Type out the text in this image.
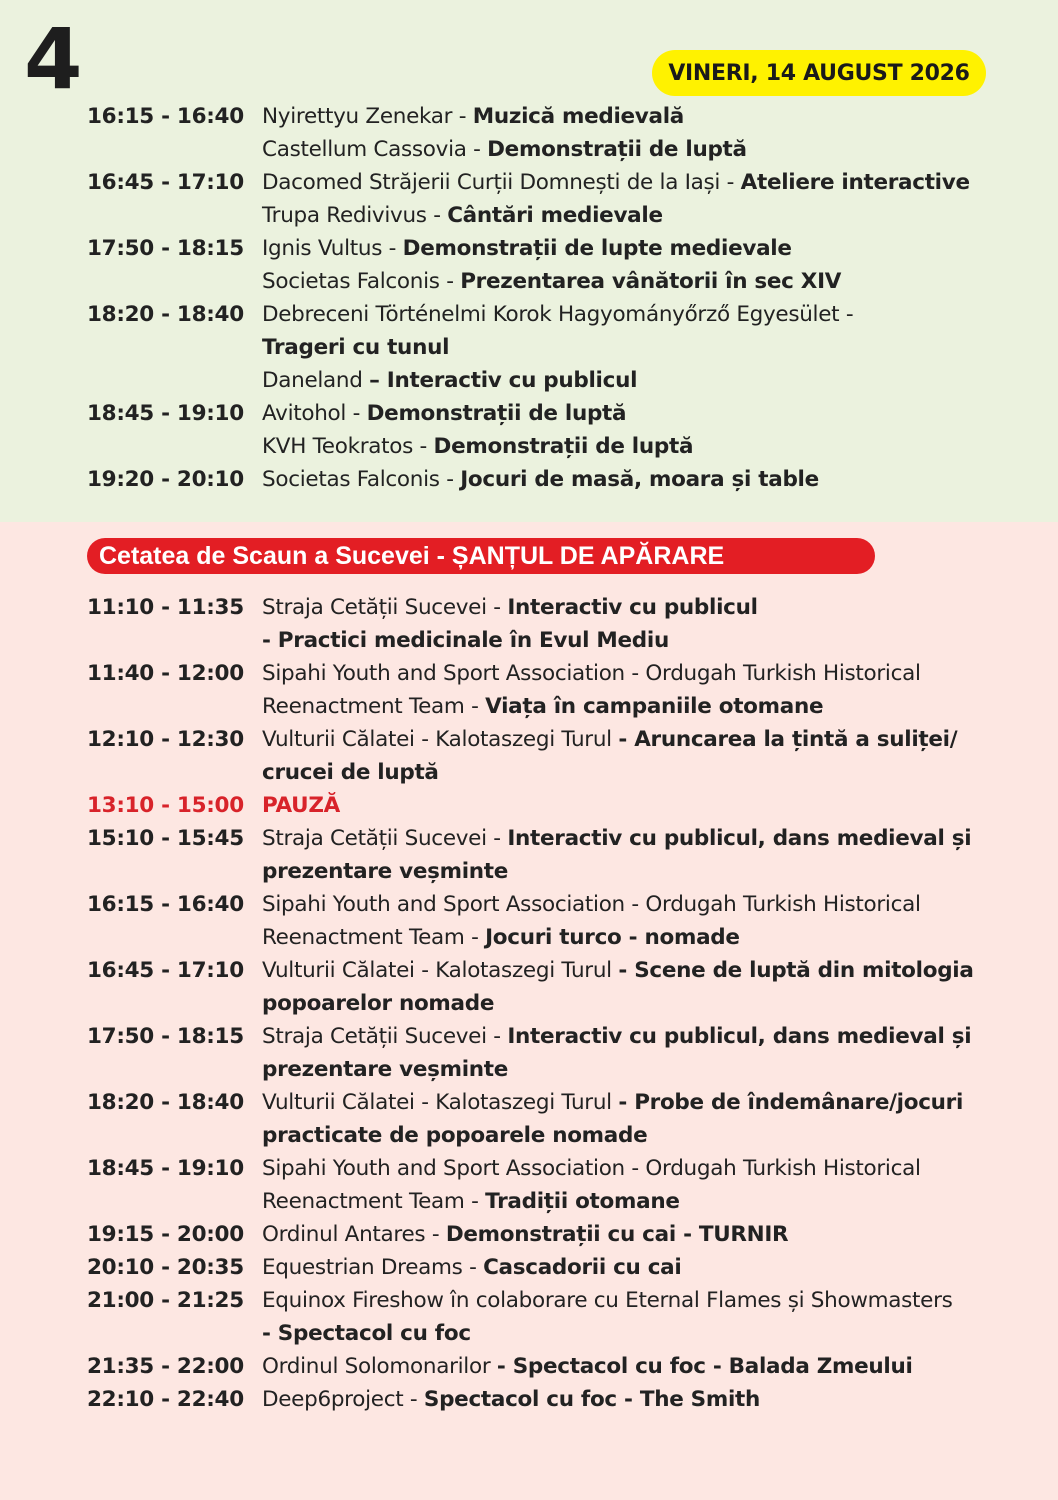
4	VINERI, 14 AUGUST 2026
16:15 - 16:40 Nyirettyu Zenekar - Muzică medievală
Castellum Cassovia - Demonstrații de luptă
16:45 - 17:10 Dacomed Străjerii Curții Domnești de la Iași - Ateliere interactive
Trupa Redivivus - Cântări medievale
17:50 - 18:15 Ignis Vultus - Demonstrații de lupte medievale
Societas Falconis - Prezentarea vânătorii în sec XIV
18:20 - 18:40 Debreceni Történelmi Korok Hagyományőrző Egyesület -
Trageri cu tunul
Daneland – Interactiv cu publicul
18:45 - 19:10 Avitohol - Demonstrații de luptă
KVH Teokratos - Demonstrații de luptă
19:20 - 20:10 Societas Falconis - Jocuri de masă, moara și table
Cetatea de Scaun a Sucevei - ȘANȚUL DE APĂRARE
11:10 - 11:35 Straja Cetății Sucevei - Interactiv cu publicul
- Practici medicinale în Evul Mediu
11:40 - 12:00 Sipahi Youth and Sport Association - Ordugah Turkish Historical
Reenactment Team - Viața în campaniile otomane
12:10 - 12:30 Vulturii Călatei - Kalotaszegi Turul - Aruncarea la țintă a suliței/
crucei de luptă
13:10 - 15:00 PAUZĂ
15:10 - 15:45 Straja Cetății Sucevei - Interactiv cu publicul, dans medieval și
prezentare veșminte
16:15 - 16:40 Sipahi Youth and Sport Association - Ordugah Turkish Historical
Reenactment Team - Jocuri turco - nomade
16:45 - 17:10 Vulturii Călatei - Kalotaszegi Turul - Scene de luptă din mitologia
popoarelor nomade
17:50 - 18:15 Straja Cetății Sucevei - Interactiv cu publicul, dans medieval și
prezentare veșminte
18:20 - 18:40 Vulturii Călatei - Kalotaszegi Turul - Probe de îndemânare/jocuri
practicate de popoarele nomade
18:45 - 19:10 Sipahi Youth and Sport Association - Ordugah Turkish Historical
Reenactment Team - Tradiții otomane
19:15 - 20:00 Ordinul Antares - Demonstrații cu cai - TURNIR
20:10 - 20:35 Equestrian Dreams - Cascadorii cu cai
21:00 - 21:25 Equinox Fireshow în colaborare cu Eternal Flames și Showmasters
- Spectacol cu foc
21:35 - 22:00 Ordinul Solomonarilor - Spectacol cu foc - Balada Zmeului
22:10 - 22:40 Deep6project - Spectacol cu foc - The Smith
